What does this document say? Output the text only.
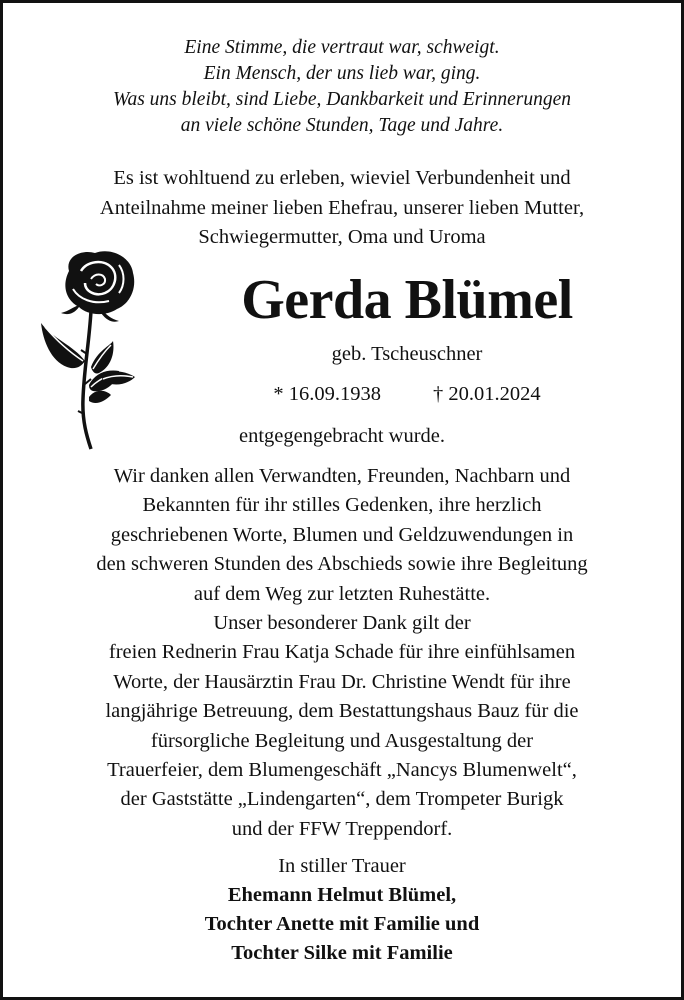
Eine Stimme, die vertraut war, schweigt.
Ein Mensch, der uns lieb war, ging.
Was uns bleibt, sind Liebe, Dankbarkeit und Erinnerungen
an viele schöne Stunden, Tage und Jahre.
Es ist wohltuend zu erleben, wieviel Verbundenheit und
Anteilnahme meiner lieben Ehefrau, unserer lieben Mutter,
Schwiegermutter, Oma und Uroma
Gerda Blümel
geb. Tscheuschner
* 16.09.1938	† 20.01.2024
entgegengebracht wurde.
Wir danken allen Verwandten, Freunden, Nachbarn und
Bekannten für ihr stilles Gedenken, ihre herzlich
geschriebenen Worte, Blumen und Geldzuwendungen in
den schweren Stunden des Abschieds sowie ihre Begleitung
auf dem Weg zur letzten Ruhestätte.
Unser besonderer Dank gilt der
freien Rednerin Frau Katja Schade für ihre einfühlsamen
Worte, der Hausärztin Frau Dr. Christine Wendt für ihre
langjährige Betreuung, dem Bestattungshaus Bauz für die
fürsorgliche Begleitung und Ausgestaltung der
Trauerfeier, dem Blumengeschäft „Nancys Blumenwelt“,
der Gaststätte „Lindengarten“, dem Trompeter Burigk
und der FFW Treppendorf.
In stiller Trauer
Ehemann Helmut Blümel,
Tochter Anette mit Familie und
Tochter Silke mit Familie
